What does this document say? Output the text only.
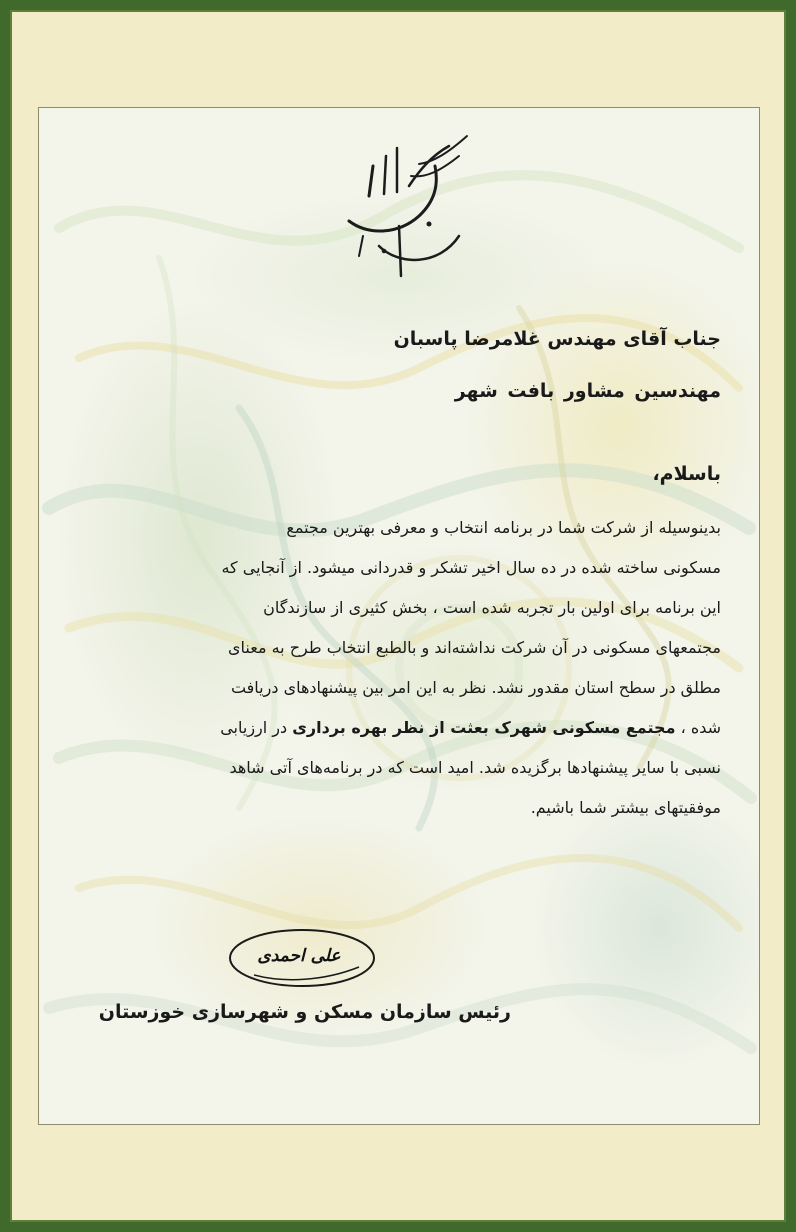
جناب آقای مهندس غلامرضا پاسبان
مهندسین مشاور بافت شهر
باسلام،
بدینوسیله از شرکت شما در برنامه انتخاب و معرفی بهترین مجتمع
مسکونی ساخته شده در ده سال اخیر تشکر و قدردانی میشود. از آنجایی که
این برنامه برای اولین بار تجربه شده است ، بخش کثیری از سازندگان
مجتمعهای مسکونی در آن شرکت نداشته‌اند و بالطبع انتخاب طرح به معنای
مطلق در سطح استان مقدور نشد. نظر به این امر بین پیشنهادهای دریافت
شده ، مجتمع مسکونی شهرک بعثت از نظر بهره برداری در ارزیابی
نسبی با سایر پیشنهادها برگزیده شد. امید است که در برنامه‌های آتی شاهد
موفقیتهای بیشتر شما باشیم.
علی احمدی
رئیس سازمان مسکن و شهرسازی خوزستان
